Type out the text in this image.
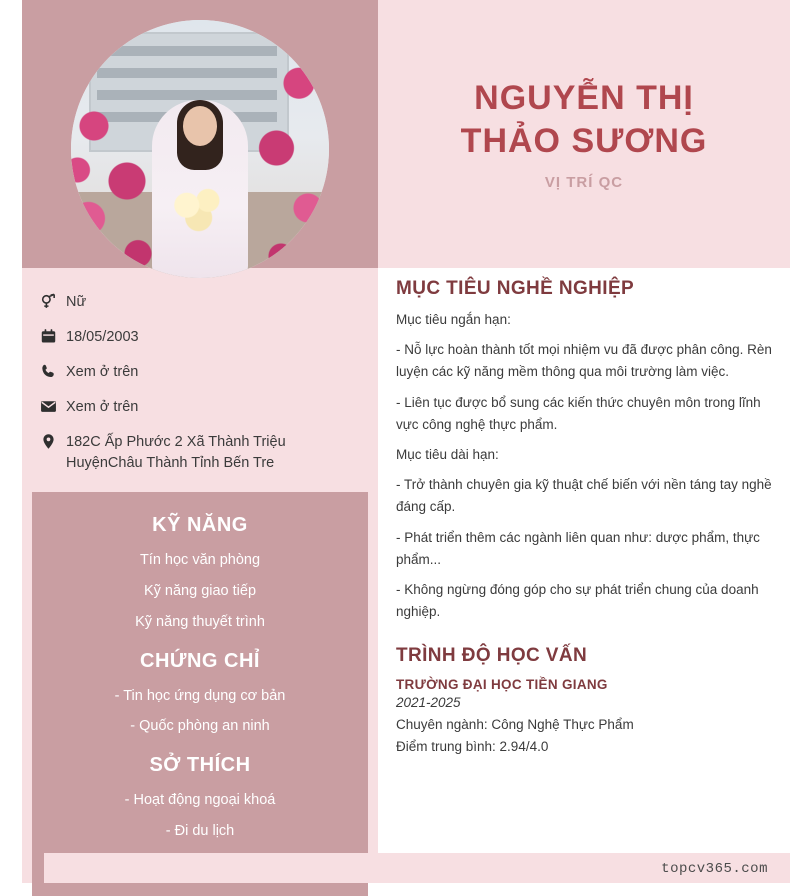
Nữ
18/05/2003
Xem ở trên
Xem ở trên
182C Ấp Phước 2 Xã Thành Triệu HuyệnChâu Thành Tỉnh Bến Tre
KỸ NĂNG
Tín học văn phòng
Kỹ năng giao tiếp
Kỹ năng thuyết trình
CHỨNG CHỈ
- Tin học ứng dụng cơ bản
- Quốc phòng an ninh
SỞ THÍCH
- Hoạt động ngoại khoá
- Đi du lịch
NGUYỄN THỊ
THẢO SƯƠNG
VỊ TRÍ QC
MỤC TIÊU NGHỀ NGHIỆP
Mục tiêu ngắn hạn:
- Nỗ lực hoàn thành tốt mọi nhiệm vu đã được phân công. Rèn luyện các kỹ năng mềm thông qua môi trường làm việc.
- Liên tục được bổ sung các kiến thức chuyên môn trong lĩnh vực công nghệ thực phẩm.
Mục tiêu dài hạn:
- Trở thành chuyên gia kỹ thuật chế biến với nền táng tay nghề đáng cấp.
- Phát triển thêm các ngành liên quan như: dược phẩm, thực phẩm...
- Không ngừng đóng góp cho sự phát triển chung của doanh nghiệp.
TRÌNH ĐỘ HỌC VẤN
TRƯỜNG ĐẠI HỌC TIỀN GIANG
2021-2025
Chuyên ngành: Công Nghệ Thực Phẩm
Điểm trung bình: 2.94/4.0
topcv365.com
